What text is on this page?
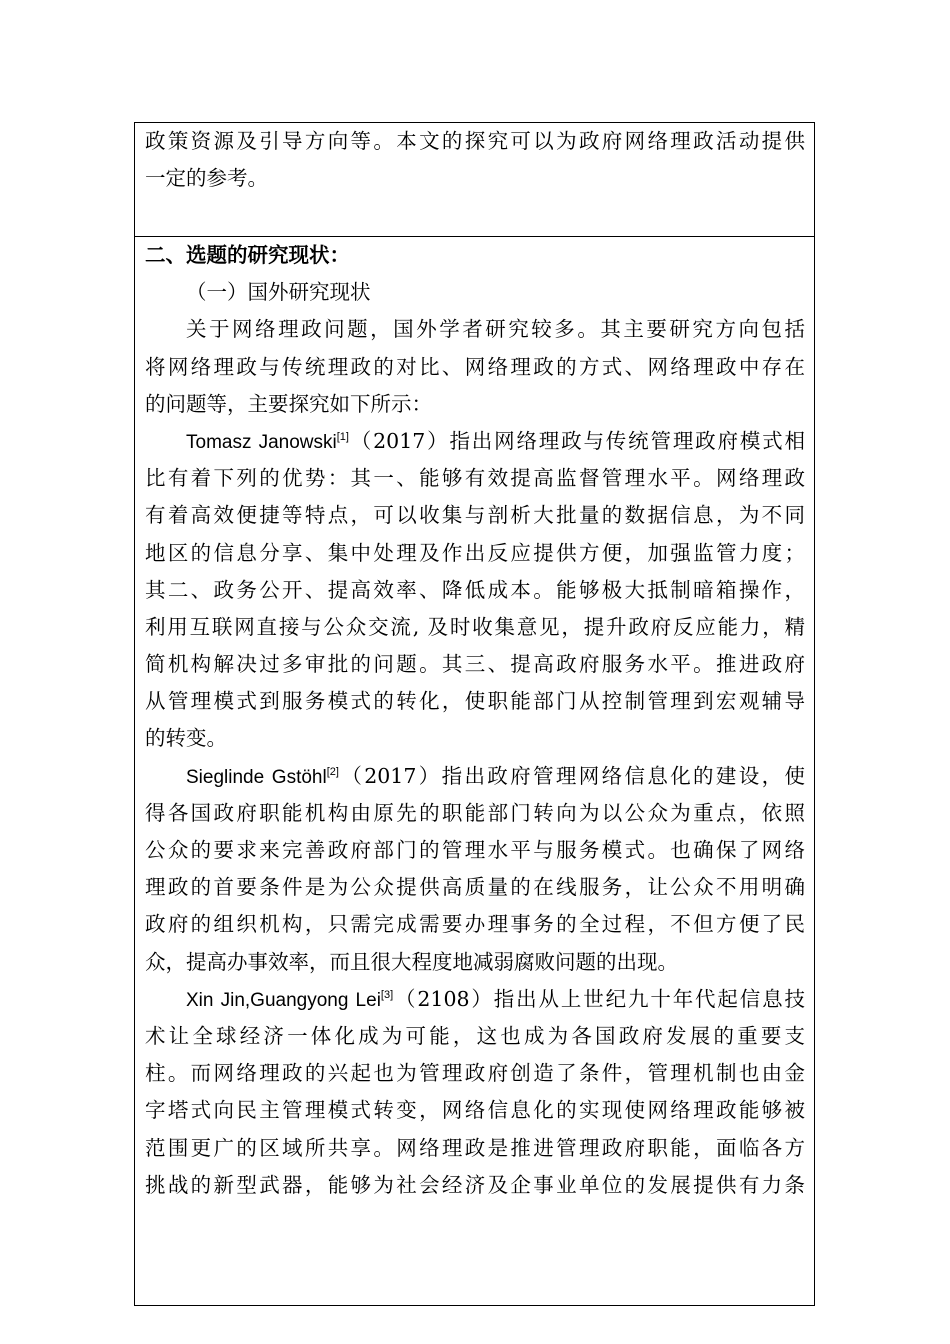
政策资源及引导方向等。本文的探究可以为政府网络理政活动提供
一定的参考。
二、选题的研究现状：
（一）国外研究现状
关于网络理政问题，国外学者研究较多。其主要研究方向包括
将网络理政与传统理政的对比、网络理政的方式、网络理政中存在
的问题等，主要探究如下所示：
Tomasz Janowski[1]（2017）指出网络理政与传统管理政府模式相
比有着下列的优势：其一、能够有效提高监督管理水平。网络理政
有着高效便捷等特点，可以收集与剖析大批量的数据信息，为不同
地区的信息分享、集中处理及作出反应提供方便，加强监管力度；
其二、政务公开、提高效率、降低成本。能够极大抵制暗箱操作，
利用互联网直接与公众交流, 及时收集意见，提升政府反应能力，精
简机构解决过多审批的问题。其三、提高政府服务水平。推进政府
从管理模式到服务模式的转化，使职能部门从控制管理到宏观辅导
的转变。
Sieglinde Gstöhl[2]（2017）指出政府管理网络信息化的建设，使
得各国政府职能机构由原先的职能部门转向为以公众为重点，依照
公众的要求来完善政府部门的管理水平与服务模式。也确保了网络
理政的首要条件是为公众提供高质量的在线服务，让公众不用明确
政府的组织机构，只需完成需要办理事务的全过程，不但方便了民
众，提高办事效率，而且很大程度地减弱腐败问题的出现。
Xin Jin,Guangyong Lei[3]（2108）指出从上世纪九十年代起信息技
术让全球经济一体化成为可能，这也成为各国政府发展的重要支
柱。而网络理政的兴起也为管理政府创造了条件，管理机制也由金
字塔式向民主管理模式转变，网络信息化的实现使网络理政能够被
范围更广的区域所共享。网络理政是推进管理政府职能，面临各方
挑战的新型武器，能够为社会经济及企事业单位的发展提供有力条
